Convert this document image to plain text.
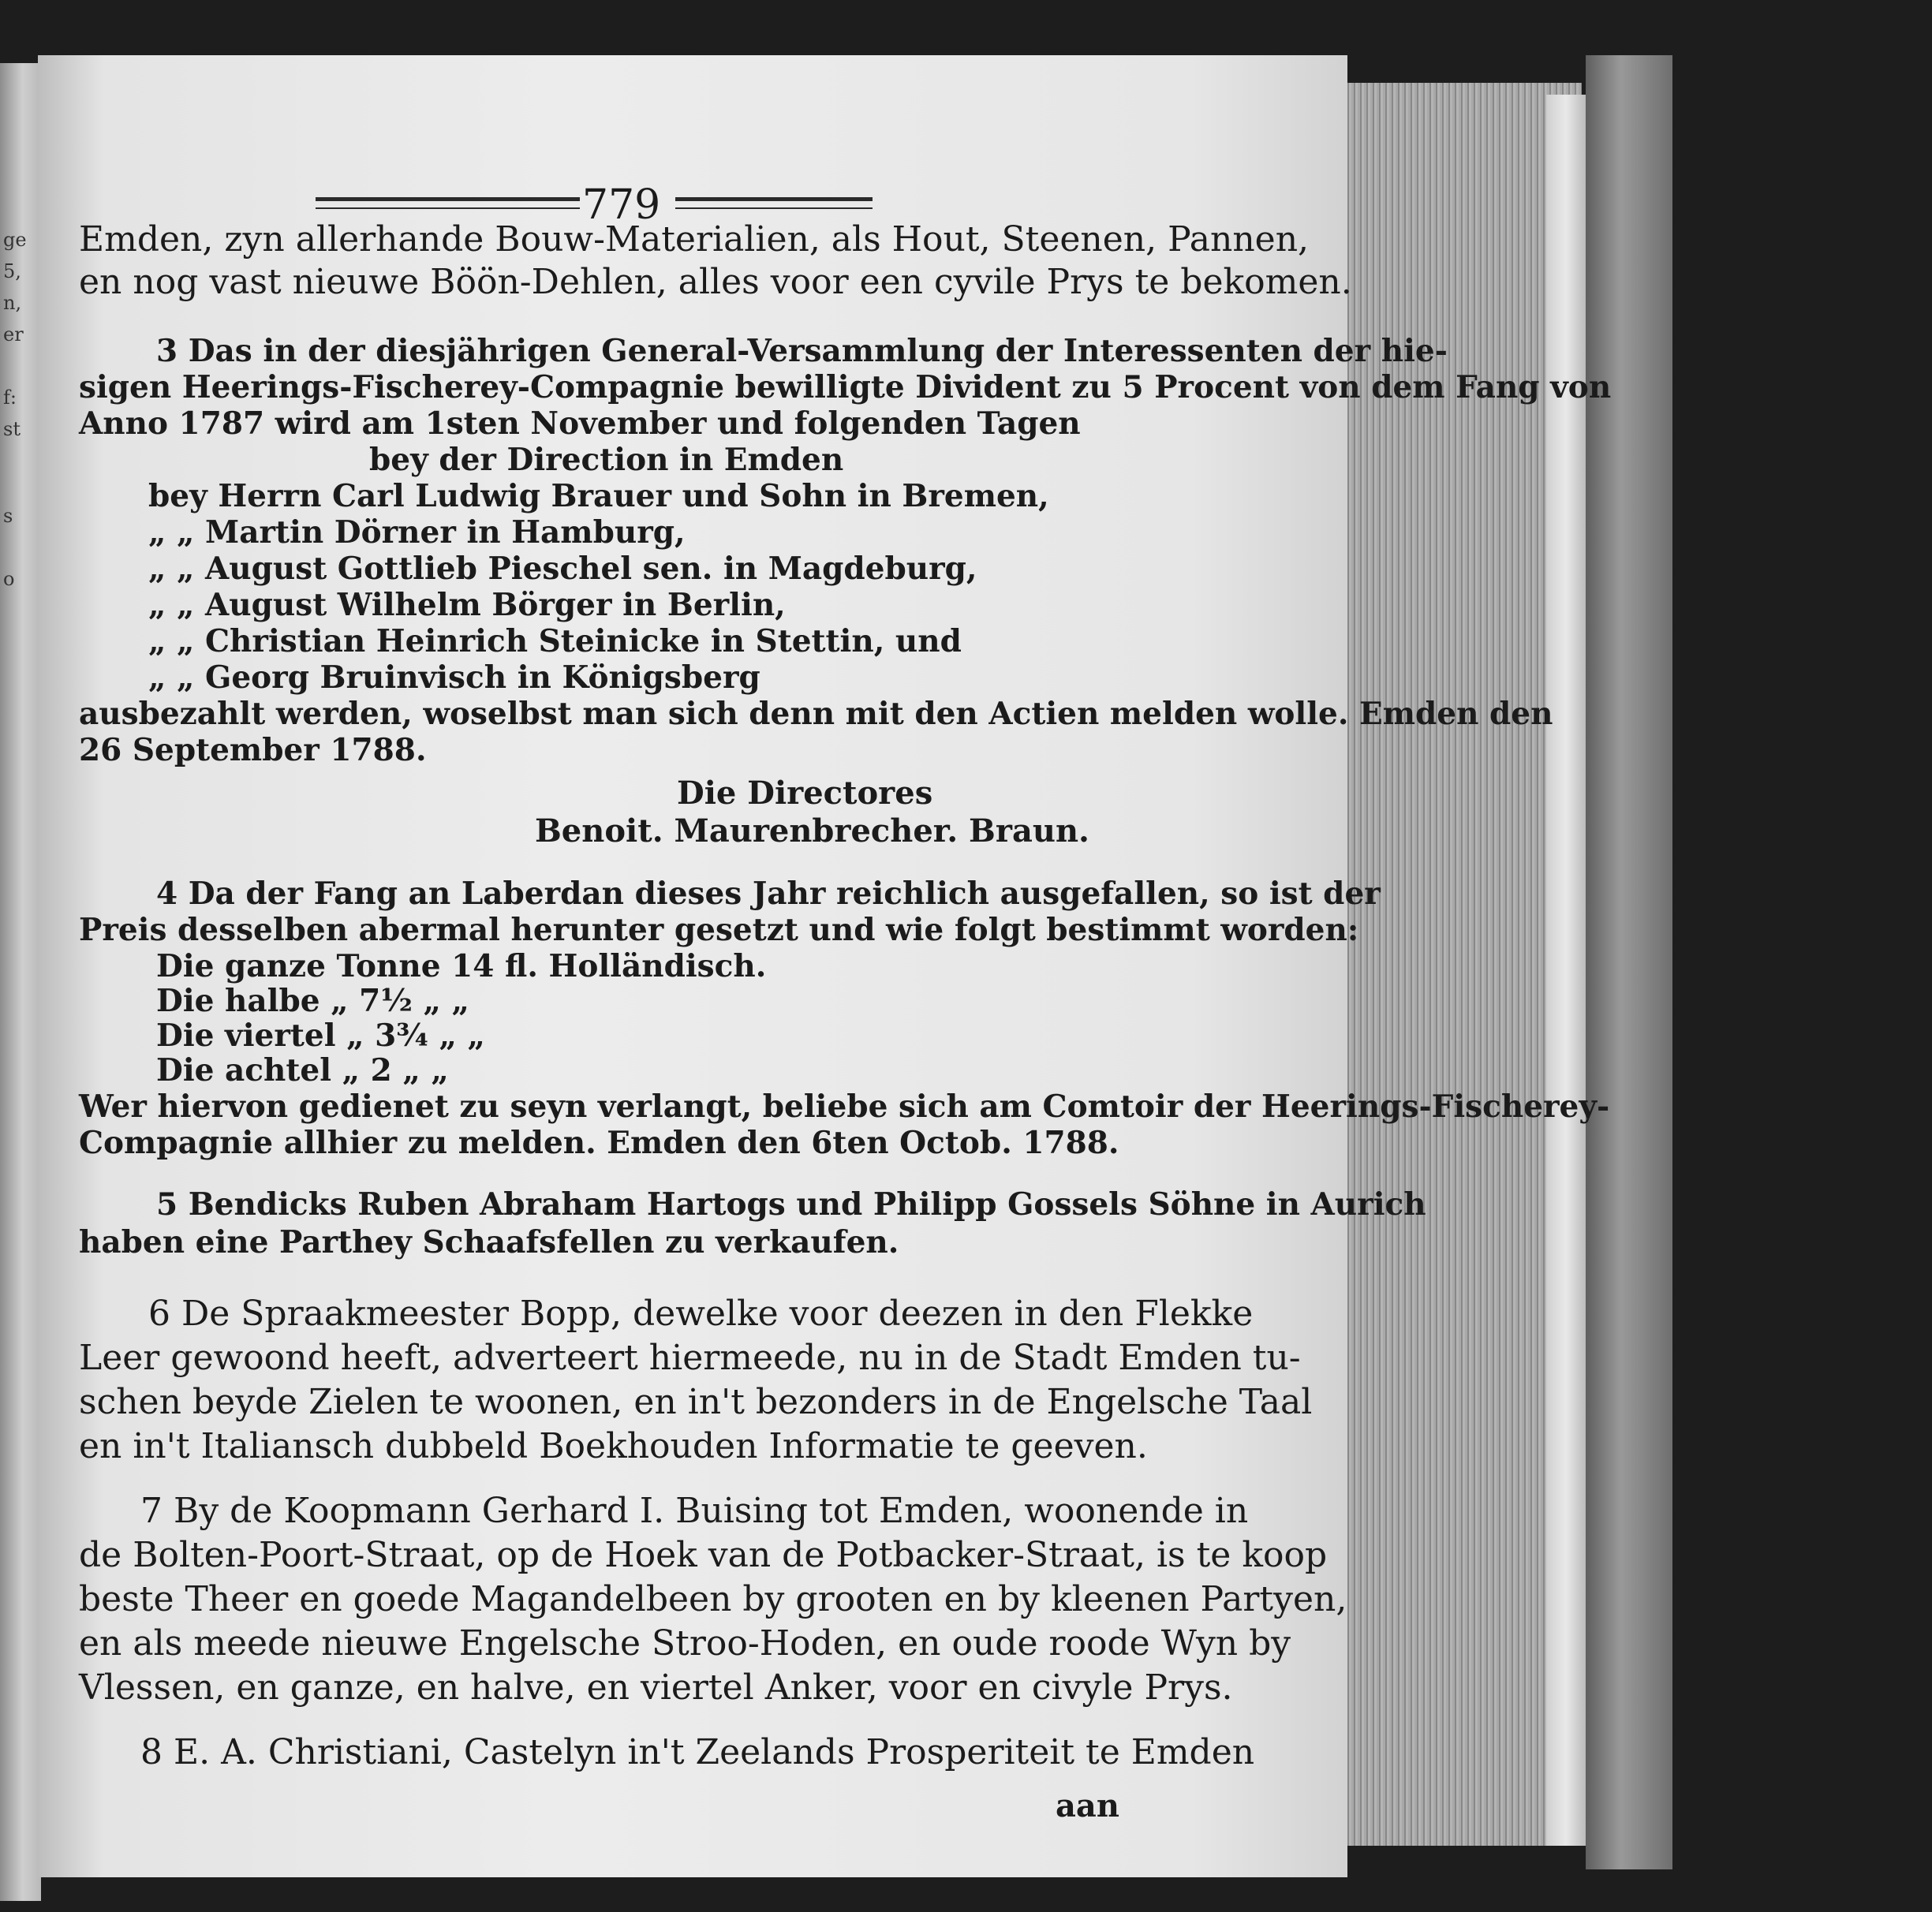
ge
5,
n,
er
f:
st
s
o
779
Emden, zyn allerhande Bouw-Materialien, als Hout, Steenen, Pannen,
en nog vast nieuwe Böön-Dehlen, alles voor een cyvile Prys te bekomen.
3 Das in der diesjährigen General-Versammlung der Interessenten der hie-
sigen Heerings-Fischerey-Compagnie bewilligte Divident zu 5 Procent von dem Fang von
Anno 1787 wird am 1sten November und folgenden Tagen
bey der Direction in Emden
bey Herrn Carl Ludwig Brauer und Sohn in Bremen,
„ „ Martin Dörner in Hamburg,
„ „ August Gottlieb Pieschel sen. in Magdeburg,
„ „ August Wilhelm Börger in Berlin,
„ „ Christian Heinrich Steinicke in Stettin, und
„ „ Georg Bruinvisch in Königsberg
ausbezahlt werden, woselbst man sich denn mit den Actien melden wolle. Emden den
26 September 1788.
Die Directores
Benoit. Maurenbrecher. Braun.
4 Da der Fang an Laberdan dieses Jahr reichlich ausgefallen, so ist der
Preis desselben abermal herunter gesetzt und wie folgt bestimmt worden:
Die ganze Tonne 14 fl. Holländisch.
Die halbe „ 7½ „ „
Die viertel „ 3¾ „ „
Die achtel „ 2 „ „
Wer hiervon gedienet zu seyn verlangt, beliebe sich am Comtoir der Heerings-Fischerey-
Compagnie allhier zu melden. Emden den 6ten Octob. 1788.
5 Bendicks Ruben Abraham Hartogs und Philipp Gossels Söhne in Aurich
haben eine Parthey Schaafsfellen zu verkaufen.
6 De Spraakmeester Bopp, dewelke voor deezen in den Flekke
Leer gewoond heeft, adverteert hiermeede, nu in de Stadt Emden tu-
schen beyde Zielen te woonen, en in't bezonders in de Engelsche Taal
en in't Italiansch dubbeld Boekhouden Informatie te geeven.
7 By de Koopmann Gerhard I. Buising tot Emden, woonende in
de Bolten-Poort-Straat, op de Hoek van de Potbacker-Straat, is te koop
beste Theer en goede Magandelbeen by grooten en by kleenen Partyen,
en als meede nieuwe Engelsche Stroo-Hoden, en oude roode Wyn by
Vlessen, en ganze, en halve, en viertel Anker, voor en civyle Prys.
8 E. A. Christiani, Castelyn in't Zeelands Prosperiteit te Emden
aan
